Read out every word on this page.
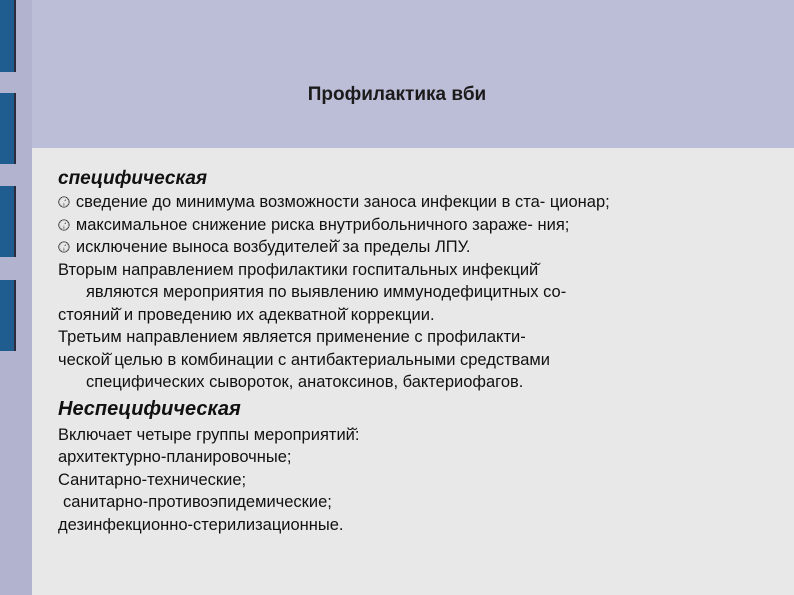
Профилактика вби

специфическая

🕜︎ сведение до минимума возможности заноса инфекции в ста- ционар;

🕜︎ максимальное снижение риска внутрибольничного зараже- ния;

🕜︎ исключение выноса возбудителей̆ за пределы ЛПУ.

Вторым направлением профилактики госпитальных инфекций̆

являются мероприятия по выявлению иммунодефицитных со-

стояний̆ и проведению их адекватной̆ коррекции.

Третьим направлением является применение с профилакти-

ческой̆ целью в комбинации с антибактериальными средствами

специфических сывороток, анатоксинов, бактериофагов.

Неспецифическая

Включает четыре группы мероприятий̆:

архитектурно-планировочные;

Санитарно-технические;

санитарно-противоэпидемические;

дезинфекционно-стерилизационные.
